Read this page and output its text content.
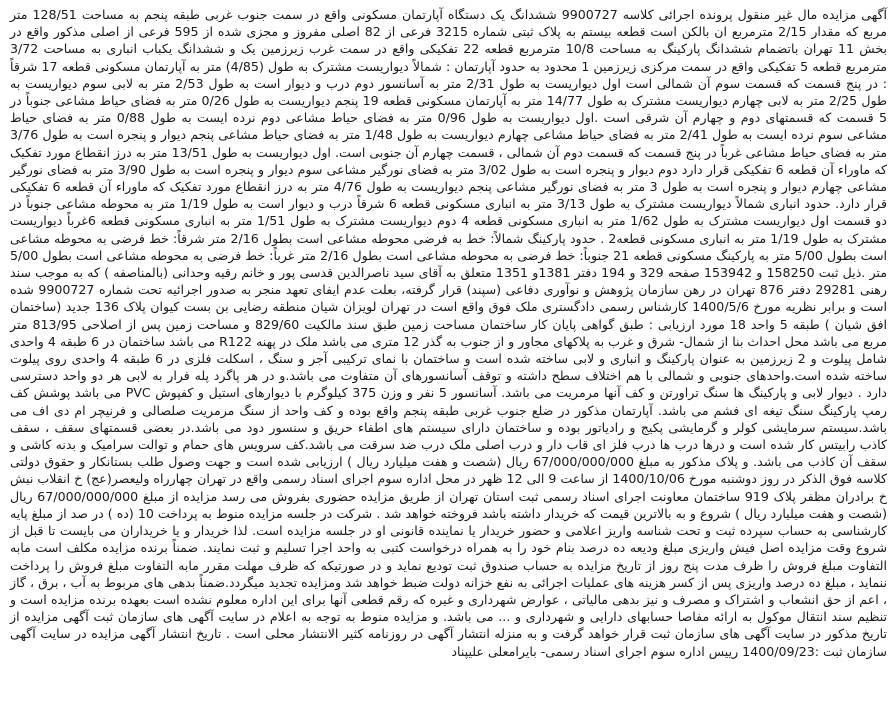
آگهی مزایده مال غیر منقول پرونده اجرائی کلاسه 9900727 ششدانگ یک دستگاه آپارتمان مسکونی واقع در سمت جنوب غربی طبقه پنجم به مساحت 128/51 متر مربع که مقدار 2/15 مترمربع ان بالکن است قطعه بیستم به پلاک ثبتی شماره 3215 فرعی از 82 اصلی مفروز و مجزی شده از 595 فرعی از اصلی مذکور واقع در بخش 11 تهران باتضمام ششدانگ پارکینگ به مساحت 10/8 مترمربع قطعه 22 تفکیکی واقع در سمت غرب زیرزمین یک و ششدانگ یکباب انباری به مساحت 3/72 مترمربع قطعه 5 تفکیکی واقع در سمت مرکزی زیرزمین 1 محدود به حدود آپارتمان : شمالاً دیواریست مشترک به طول (4/85) متر به آپارتمان مسکونی قطعه 17 شرقاً : در پنج قسمت که قسمت سوم آن شمالی است اول دیواریست به طول 2/31 متر به آسانسور دوم درب و دیوار است به طول 2/53 متر به لابی سوم دیواریست به طول 2/25 متر به لابی چهارم دیواریست مشترک به طول 14/77 متر به آپارتمان مسکونی قطعه 19 پنجم دیواریست به طول 0/26 متر به فضای حیاط مشاعی جنوباً در 5 قسمت که قسمتهای دوم و چهارم آن شرقی است .اول دیواریست به طول 0/96 متر به فضای حیاط مشاعی دوم نرده ایست به طول 0/88 متر به فضای حیاط مشاعی سوم نرده ایست به طول 2/41 متر به فضای حیاط مشاعی چهارم دیواریست به طول 1/48 متر به فضای حیاط مشاعی پنجم دیوار و پنجره است به طول 3/76 متر به فضای حیاط مشاعی غرباً در پنج قسمت که قسمت دوم آن شمالی ، قسمت چهارم آن جنوبی است. اول دیواریست به طول 13/51 متر به درز انقطاع مورد تفکیک که ماوراء آن قطعه 6 تفکیکی قرار دارد دوم دیوار و پنجره است به طول 3/02 متر به فضای نورگیر مشاعی سوم دیوار و پنجره است به طول 3/90 متر به فضای نورگیر مشاعی چهارم دیوار و پنجره است به طول 3 متر به فضای نورگیر مشاعی پنجم دیواریست به طول 4/76 متر به درز انقطاع مورد تفکیک که ماوراء آن قطعه 6 تفکیکی قرار دارد. حدود انباری شمالاً دیواریست مشترک به طول 3/13 متر به انباری مسکونی قطعه 6 شرقاً درب و دیوار است به طول 1/19 متر به محوطه مشاعی جنوباً در دو قسمت اول دیواریست مشترک به طول 1/62 متر به انباری مسکونی قطعه 4 دوم دیواریست مشترک به طول 1/51 متر به انباری مسکونی قطعه 6غرباً دیواریست مشترک به طول 1/19 متر به انباری مسکونی قطعه2 . حدود پارکینگ شمالاً: خط به فرضی محوطه مشاعی است بطول 2/16 متر شرقاً: خط فرضی به محوطه مشاعی است بطول 5/00 متر به پارکینگ مسکونی قطعه 21 جنوباً: خط فرضی به محوطه مشاعی است بطول 2/16 متر غرباً: خط فرضی به محوطه مشاعی است بطول 5/00 متر .ذیل ثبت 158250 و 153942 صفحه 329 و 194 دفتر 1381و 1351 متعلق به آقای سید ناصرالدین قدسی پور و خانم رقیه وحدانی (بالمناصفه ) که به موجب سند رهنی 29281 دفتر 876 تهران در رهن سازمان پژوهش و نوآوری دفاعی (سپند) قرار گرفته، بعلت عدم ایفای تعهد منجر به صدور اجرائیه تحت شماره 9900727 شده است و برابر نظریه مورخ 1400/5/6 کارشناس رسمی دادگستری ملک فوق واقع است در تهران لویزان شیان منطقه رضایی بن بست کیوان پلاک 136 جدید (ساختمان افق شیان ) طبقه 5 واحد 18 مورد ارزیابی : طبق گواهی پایان کار ساختمان مساحت زمین طبق سند مالکیت 829/60 و مساحت زمین پس از اصلاحی 813/95 متر مربع می باشد محل احداث بنا از شمال- شرق و غرب به پلاکهای مجاور و از جنوب به گذر 12 متری می باشد ملک در پهنه R122 می باشد ساختمان در 6 طبقه 4 واحدی شامل پیلوت و 2 زیرزمین به عنوان پارکینگ و انباری و لابی ساخته شده است و ساختمان با نمای ترکیبی آجر و سنگ ، اسکلت فلزی در 6 طبقه 4 واحدی روی پیلوت ساخته شده است.واحدهای جنوبی و شمالی با هم اختلاف سطح داشته و توقف آسانسورهای آن متفاوت می باشد.و در هر پاگرد پله فرار به لابی هر دو واحد دسترسی دارد . دیوار لابی و پارکینگ ها سنگ تراورتن و کف آنها مرمریت می باشد. آسانسور 5 نفر و وزن 375 کیلوگرم با دیوارهای استیل و کفپوش PVC می باشد پوشش کف رمپ پارکینگ سنگ تیغه ای فشم می باشد. آپارتمان مذکور در ضلع جنوب غربی طبقه پنجم واقع بوده و کف واحد از سنگ مرمریت صلصالی و فرنیچر ام دی اف می باشد.سیستم سرمایشی کولر و گرمایشی پکیج و رادیاتور بوده و ساختمان دارای سیستم های اطفاء حریق و سنسور دود می باشد.در بعضی قسمتهای سقف ، سقف کاذب رابیتس کار شده است و درها درب ها درب فلز ای قاب دار و درب اصلی ملک درب ضد سرقت می باشد.کف سرویس های حمام و توالت سرامیک و بدنه کاشی و سقف آن کاذب می باشد. و پلاک مذکور به مبلغ 67/000/000/000 ریال (شصت و هفت میلیارد ریال ) ارزیابی شده است و جهت وصول طلب بستانکار و حقوق دولتی کلاسه فوق الذکر در روز دوشنبه مورخ 1400/10/06 از ساعت 9 الی 12 ظهر در محل اداره سوم اجرای اسناد رسمی واقع در تهران چهارراه ولیعصر(عج) خ انقلاب نبش خ برادران مظفر پلاک 919 ساختمان معاونت اجرای اسناد رسمی ثبت استان تهران از طریق مزایده حضوری بفروش می رسد مزایده از مبلغ 67/000/000/000 ریال (شصت و هفت میلیارد ریال ) شروع و به بالاترین قیمت که خریدار داشته باشد فروخته خواهد شد . شرکت در جلسه مزایده منوط به پرداخت 10 (ده ) در صد از مبلغ پایه کارشناسی به حساب سپرده ثبت و تحت شناسه واریز اعلامی و حضور خریدار یا نماینده قانونی او در جلسه مزایده است. لذا خریدار و یا خریداران می بایست تا قبل از شروع وقت مزایده اصل فیش واریزی مبلغ ودیعه ده درصد بنام خود را به همراه درخواست کتبی به واحد اجرا تسلیم و ثبت نمایند. ضمناً برنده مزایده مکلف است مابه التفاوت مبلغ فروش را ظرف مدت پنج روز از تاریخ مزایده به حساب صندوق ثبت تودیع نماید و در صورتیکه که ظرف مهلت مقرر مابه التفاوت مبلغ فروش را پرداخت ننماید ، مبلغ ده درصد واریزی پس از کسر هزینه های عملیات اجرائی به نفع خزانه دولت ضبط خواهد شد ومزایده تجدید میگردد.ضمناً بدهی های مربوط به آب ، برق ، گاز ، اعم از حق انشعاب و اشتراک و مصرف و نیز بدهی مالیاتی ، عوارض شهرداری و غیره که رقم قطعی آنها برای این اداره معلوم نشده است بعهده برنده مزایده است و تنظیم سند انتقال موکول به ارائه مفاصا حسابهای دارایی و شهرداری و ... می باشد. و مزایده منوط به توجه به اعلام در سایت آگهی های سازمان ثبت آگهی مزایده از تاریخ مذکور در سایت آگهی های سازمان ثبت قرار خواهد گرفت و به منزله انتشار آگهی در روزنامه کثیر الانتشار محلی است . تاریخ انتشار آگهی مزایده در سایت آگهی سازمان ثبت :1400/09/23 رییس اداره سوم اجرای اسناد رسمی- بایرامعلی علیپناد
